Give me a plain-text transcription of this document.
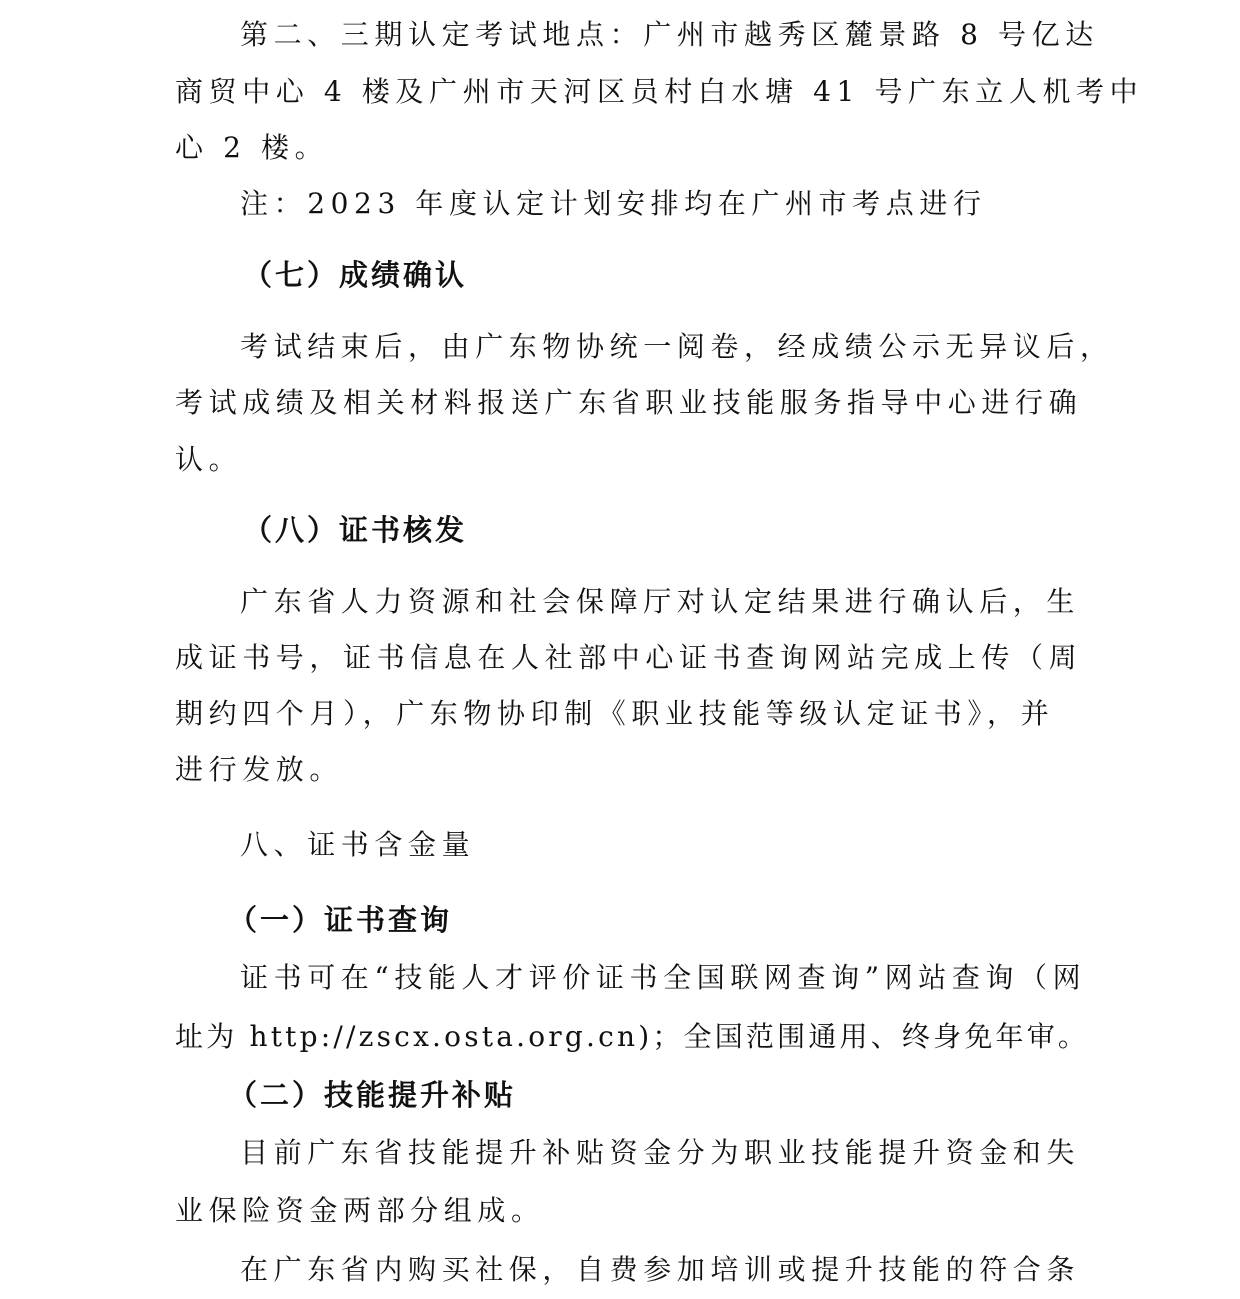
第二、三期认定考试地点：广州市越秀区麓景路 8 号亿达
商贸中心 4 楼及广州市天河区员村白水塘 41 号广东立人机考中
心 2 楼。
注：2023 年度认定计划安排均在广州市考点进行
（七）成绩确认
考试结束后，由广东物协统一阅卷，经成绩公示无异议后，
考试成绩及相关材料报送广东省职业技能服务指导中心进行确
认。
（八）证书核发
广东省人力资源和社会保障厅对认定结果进行确认后，生
成证书号，证书信息在人社部中心证书查询网站完成上传（周
期约四个月），广东物协印制《职业技能等级认定证书》，并
进行发放。
八、证书含金量
（一）证书查询
证书可在“技能人才评价证书全国联网查询”网站查询（网
址为 http://zscx.osta.org.cn)；全国范围通用、终身免年审。
（二）技能提升补贴
目前广东省技能提升补贴资金分为职业技能提升资金和失
业保险资金两部分组成。
在广东省内购买社保，自费参加培训或提升技能的符合条
